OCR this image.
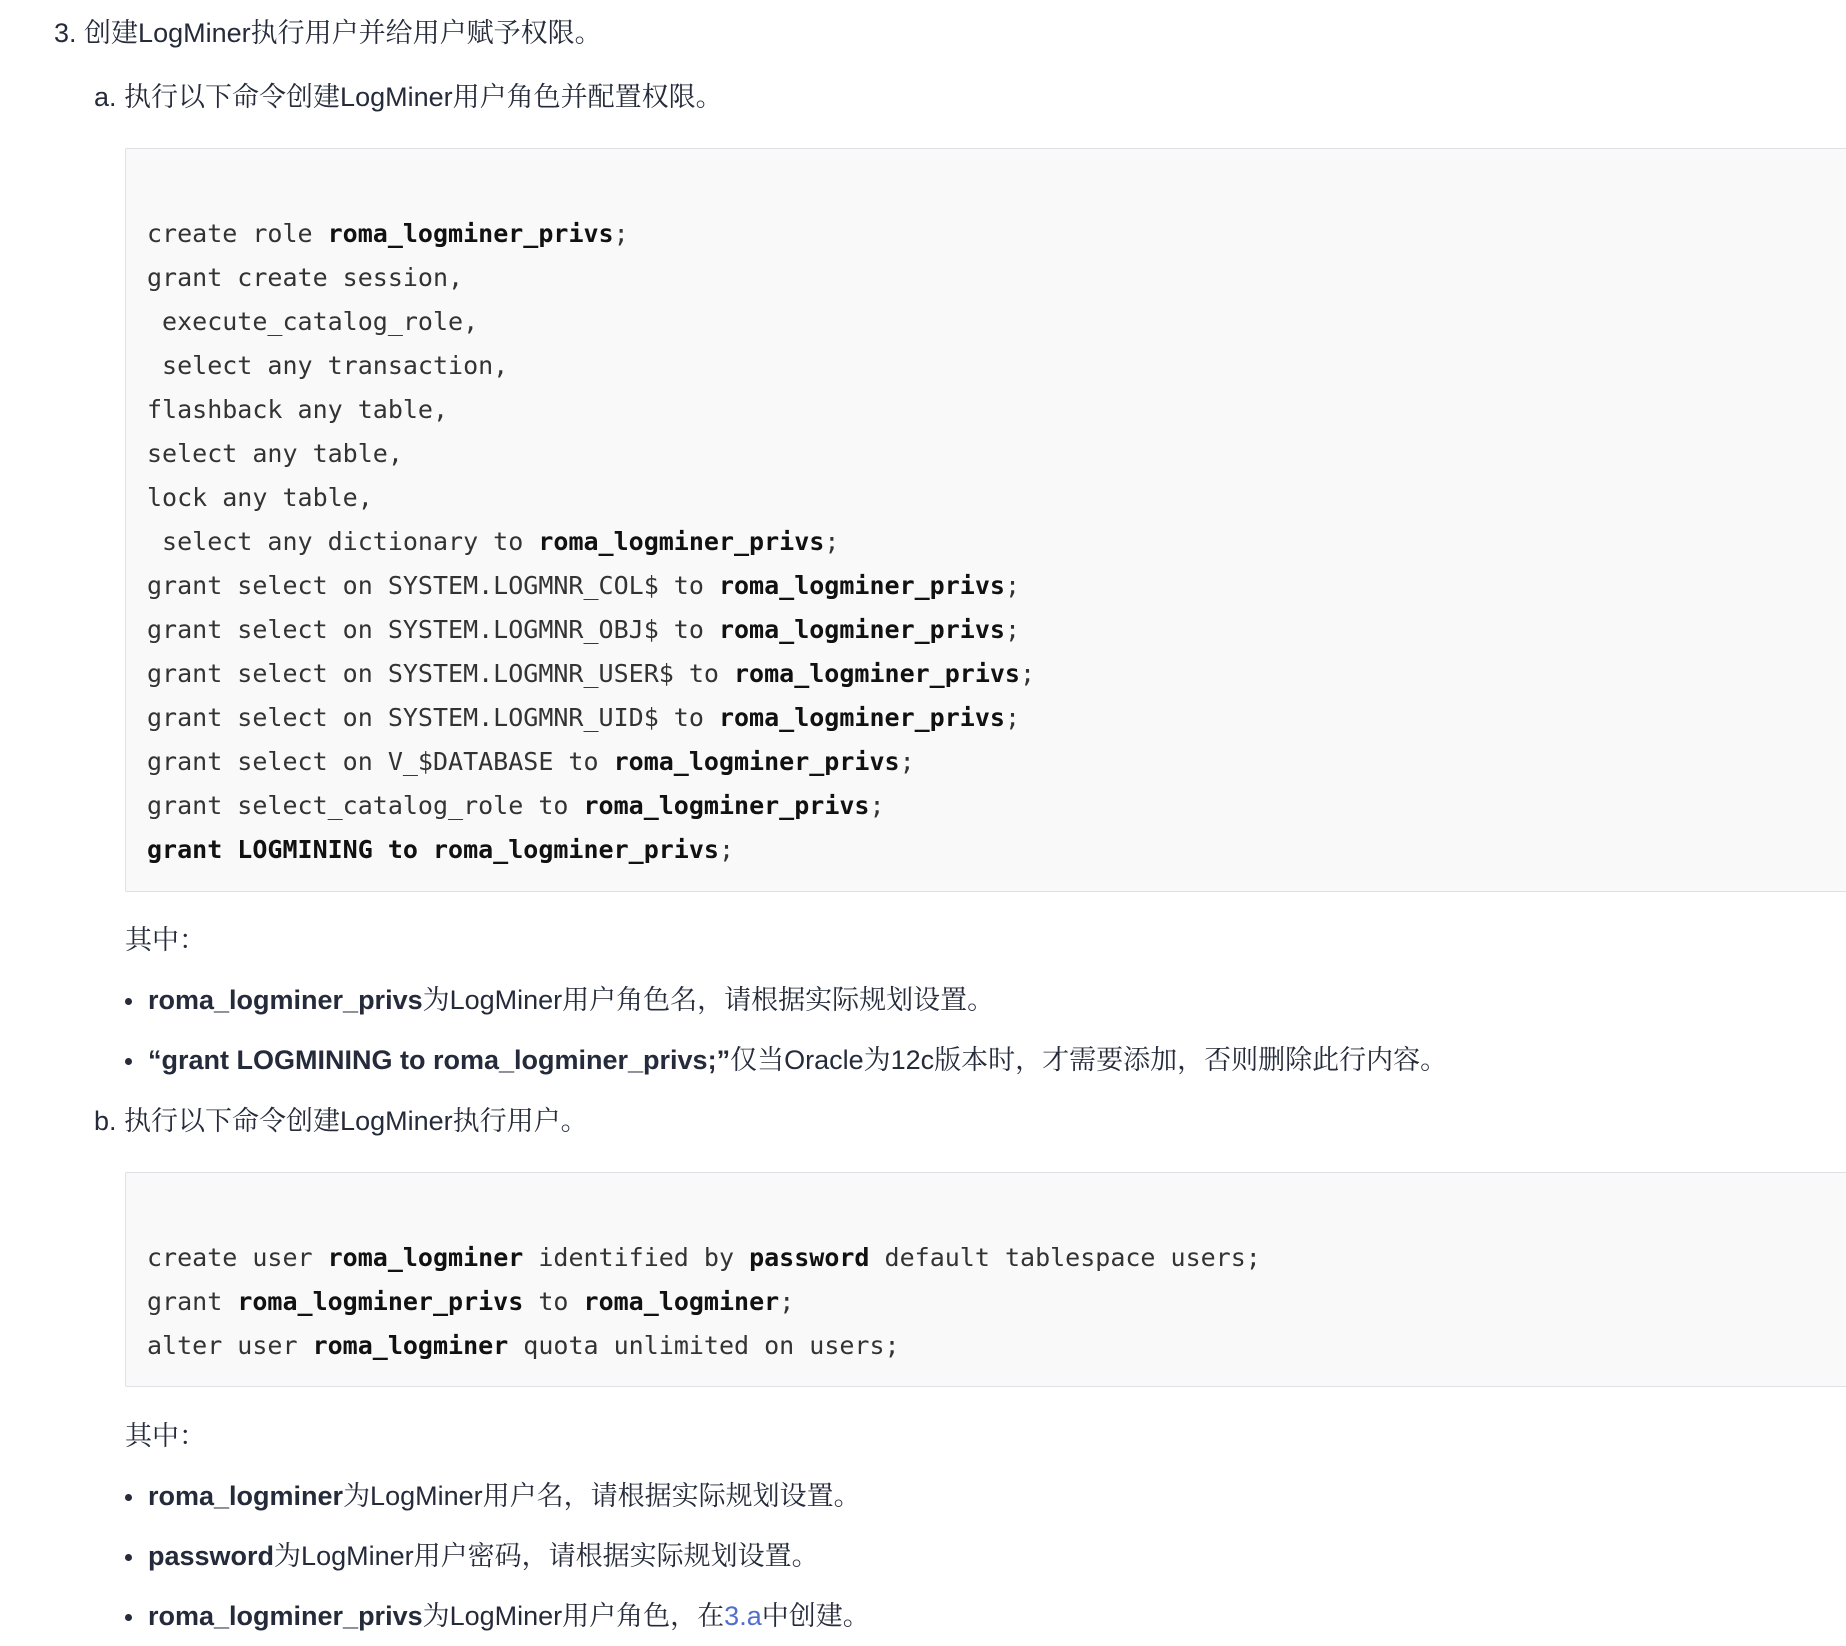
3. 创建LogMiner执行用户并给用户赋予权限。
a. 执行以下命令创建LogMiner用户角色并配置权限。
create role roma_logminer_privs;
grant create session,
execute_catalog_role,
select any transaction,
flashback any table,
select any table,
lock any table,
select any dictionary to roma_logminer_privs;
grant select on SYSTEM.LOGMNR_COL$ to roma_logminer_privs;
grant select on SYSTEM.LOGMNR_OBJ$ to roma_logminer_privs;
grant select on SYSTEM.LOGMNR_USER$ to roma_logminer_privs;
grant select on SYSTEM.LOGMNR_UID$ to roma_logminer_privs;
grant select on V_$DATABASE to roma_logminer_privs;
grant select_catalog_role to roma_logminer_privs;
grant LOGMINING to roma_logminer_privs;
其中：
roma_logminer_privs为LogMiner用户角色名，请根据实际规划设置。
“grant LOGMINING to roma_logminer_privs;”仅当Oracle为12c版本时，才需要添加，否则删除此行内容。
b. 执行以下命令创建LogMiner执行用户。
create user roma_logminer identified by password default tablespace users;
grant roma_logminer_privs to roma_logminer;
alter user roma_logminer quota unlimited on users;
其中：
roma_logminer为LogMiner用户名，请根据实际规划设置。
password为LogMiner用户密码，请根据实际规划设置。
roma_logminer_privs为LogMiner用户角色，在3.a中创建。
